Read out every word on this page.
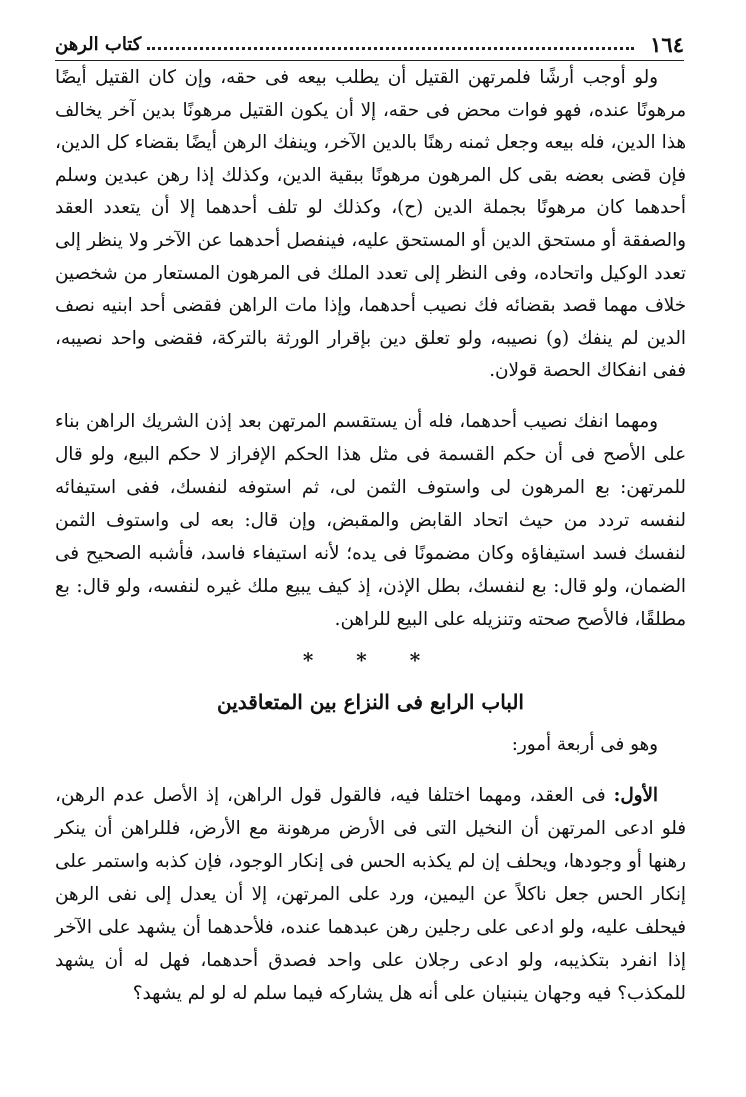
١٦٤
كتاب الرهن

ولو أوجب أرشًا فلمرتهن القتيل أن يطلب بيعه فى حقه، وإن كان القتيل أيضًا مرهونًا عنده، فهو فوات محض فى حقه، إلا أن يكون القتيل مرهونًا بدين آخر يخالف هذا الدين، فله بيعه وجعل ثمنه رهنًا بالدين الآخر، وينفك الرهن أيضًا بقضاء كل الدين، فإن قضى بعضه بقى كل المرهون مرهونًا ببقية الدين، وكذلك إذا رهن عبدين وسلم أحدهما كان مرهونًا بجملة الدين (ح)، وكذلك لو تلف أحدهما إلا أن يتعدد العقد والصفقة أو مستحق الدين أو المستحق عليه، فينفصل أحدهما عن الآخر ولا ينظر إلى تعدد الوكيل واتحاده، وفى النظر إلى تعدد الملك فى المرهون المستعار من شخصين خلاف مهما قصد بقضائه فك نصيب أحدهما، وإذا مات الراهن فقضى أحد ابنيه نصف الدين لم ينفك (و) نصيبه، ولو تعلق دين بإقرار الورثة بالتركة، فقضى واحد نصيبه، ففى انفكاك الحصة قولان.

ومهما انفك نصيب أحدهما، فله أن يستقسم المرتهن بعد إذن الشريك الراهن بناء على الأصح فى أن حكم القسمة فى مثل هذا الحكم الإفراز لا حكم البيع، ولو قال للمرتهن: بع المرهون لى واستوف الثمن لى، ثم استوفه لنفسك، ففى استيفائه لنفسه تردد من حيث اتحاد القابض والمقبض، وإن قال: بعه لى واستوف الثمن لنفسك فسد استيفاؤه وكان مضمونًا فى يده؛ لأنه استيفاء فاسد، فأشبه الصحيح فى الضمان، ولو قال: بع لنفسك، بطل الإذن، إذ كيف يبيع ملك غيره لنفسه، ولو قال: بع مطلقًا، فالأصح صحته وتنزيله على البيع للراهن.

* * *
الباب الرابع فى النزاع بين المتعاقدين

وهو فى أربعة أمور:

الأول: فى العقد، ومهما اختلفا فيه، فالقول قول الراهن، إذ الأصل عدم الرهن، فلو ادعى المرتهن أن النخيل التى فى الأرض مرهونة مع الأرض، فللراهن أن ينكر رهنها أو وجودها، ويحلف إن لم يكذبه الحس فى إنكار الوجود، فإن كذبه واستمر على إنكار الحس جعل ناكلاً عن اليمين، ورد على المرتهن، إلا أن يعدل إلى نفى الرهن فيحلف عليه، ولو ادعى على رجلين رهن عبدهما عنده، فلأحدهما أن يشهد على الآخر إذا انفرد بتكذيبه، ولو ادعى رجلان على واحد فصدق أحدهما، فهل له أن يشهد للمكذب؟ فيه وجهان ينبنيان على أنه هل يشاركه فيما سلم له لو لم يشهد؟
